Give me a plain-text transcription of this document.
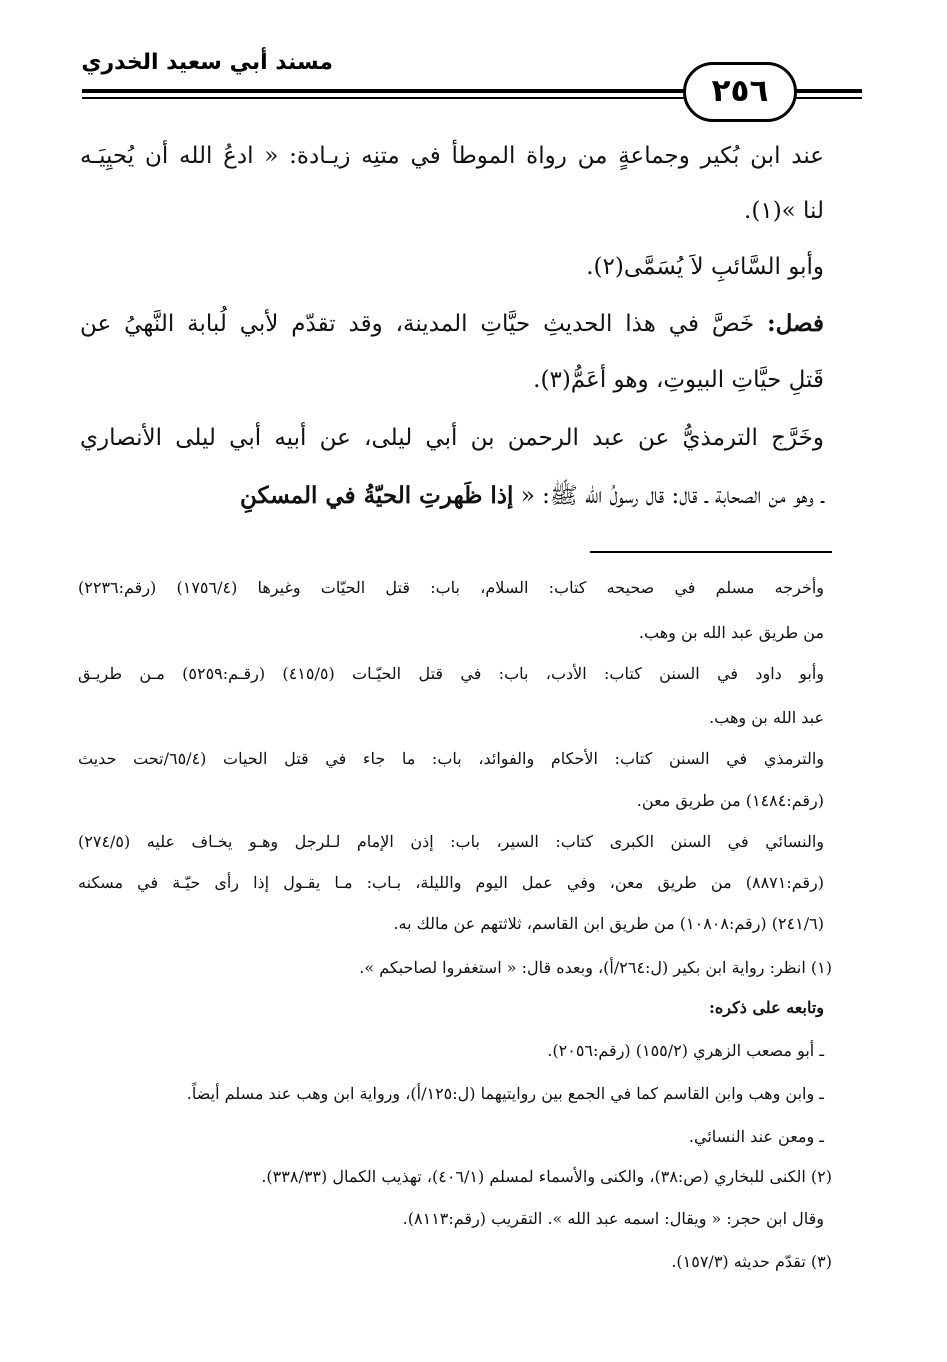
مسند أبي سعيد الخدري
٢٥٦
عند ابن بُكير وجماعةٍ من رواة الموطأ في متنِه زيـادة: « ادعُ الله أن يُحيِيَـه
لنا »(١).
وأبو السَّائبِ لاَ يُسَمَّى(٢).
فصل: خَصَّ في هذا الحديثِ حيَّاتِ المدينة، وقد تقدّم لأبي لُبابة النَّهيُ عن
قَتلِ حيَّاتِ البيوتِ، وهو أعَمُّ(٣).
وخَرَّج الترمذيُّ عن عبد الرحمن بن أبي ليلى، عن أبيه أبي ليلى الأنصاري
ـ وهو من الصحابة ـ قال: قال رسولُ الله ﷺ: « إذا ظَهرتِ الحيّةُ في المسكنِ
وأخرجه مسلم في صحيحه كتاب: السلام، باب: قتل الحيّات وغيرها (١٧٥٦/٤) (رقم:٢٢٣٦)
من طريق عبد الله بن وهب.
وأبو داود في السنن كتاب: الأدب، باب: في قتل الحيّـات (٤١٥/٥) (رقـم:٥٢٥٩) مـن طريـق
عبد الله بن وهب.
والترمذي في السنن كتاب: الأحكام والفوائد، باب: ما جاء في قتل الحيات (٦٥/٤/تحت حديث
(رقم:١٤٨٤) من طريق معن.
والنسائي في السنن الكبرى كتاب: السير، باب: إذن الإمام لـلرجل وهـو يخـاف عليه (٢٧٤/٥)
(رقم:٨٨٧١) من طريق معن، وفي عمل اليوم والليلة، بـاب: مـا يقـول إذا رأى حيّـة في مسكنه
(٢٤١/٦) (رقم:١٠٨٠٨) من طريق ابن القاسم، ثلاثتهم عن مالك به.
(١) انظر: رواية ابن بكير (ل:٢٦٤/أ)، وبعده قال: « استغفروا لصاحبكم ».
وتابعه على ذكره:
ـ أبو مصعب الزهري (١٥٥/٢) (رقم:٢٠٥٦).
ـ وابن وهب وابن القاسم كما في الجمع بين روايتيهما (ل:١٢٥/أ)، ورواية ابن وهب عند مسلم أيضاً.
ـ ومعن عند النسائي.
(٢) الكنى للبخاري (ص:٣٨)، والكنى والأسماء لمسلم (٤٠٦/١)، تهذيب الكمال (٣٣٨/٣٣).
وقال ابن حجر: « ويقال: اسمه عبد الله ». التقريب (رقم:٨١١٣).
(٣) تقدّم حديثه (١٥٧/٣).
